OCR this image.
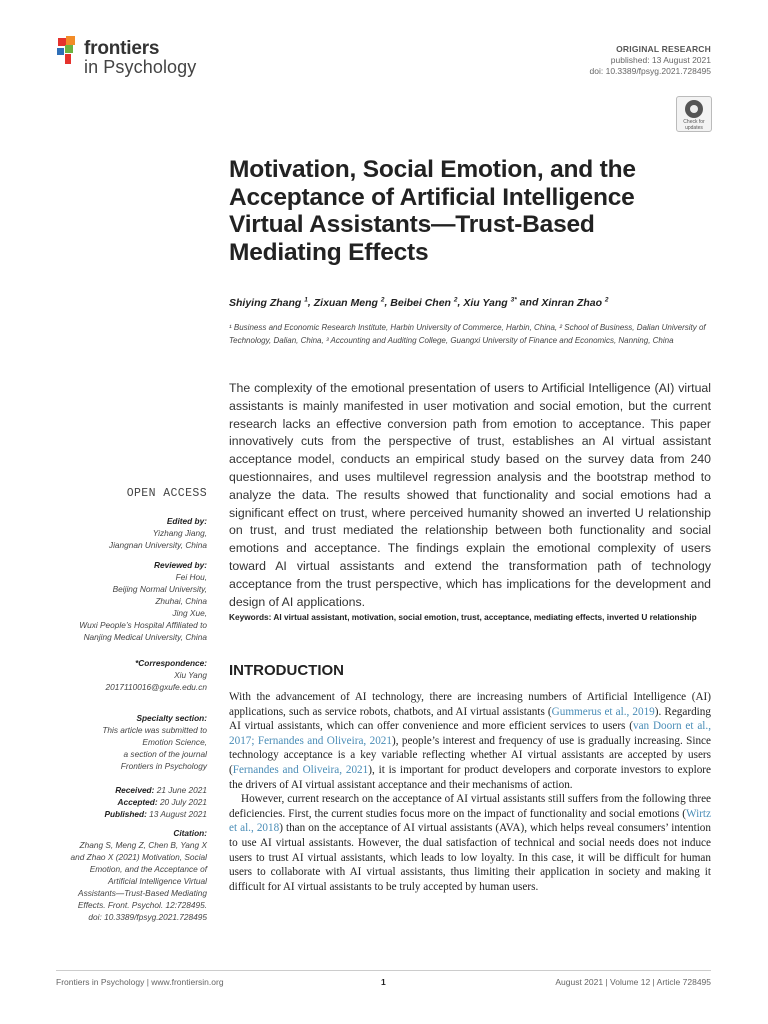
frontiers
in Psychology
ORIGINAL RESEARCH
published: 13 August 2021
doi: 10.3389/fpsyg.2021.728495
Check for updates
Motivation, Social Emotion, and the Acceptance of Artificial Intelligence Virtual Assistants—Trust-Based Mediating Effects
Shiying Zhang $^1$, Zixuan Meng $^2$, Beibei Chen $^2$, Xiu Yang $^{3*}$ and Xinran Zhao $^2$
¹ Business and Economic Research Institute, Harbin University of Commerce, Harbin, China, ² School of Business, Dalian University of Technology, Dalian, China, ³ Accounting and Auditing College, Guangxi University of Finance and Economics, Nanning, China
The complexity of the emotional presentation of users to Artificial Intelligence (AI) virtual assistants is mainly manifested in user motivation and social emotion, but the current research lacks an effective conversion path from emotion to acceptance. This paper innovatively cuts from the perspective of trust, establishes an AI virtual assistant acceptance model, conducts an empirical study based on the survey data from 240 questionnaires, and uses multilevel regression analysis and the bootstrap method to analyze the data. The results showed that functionality and social emotions had a significant effect on trust, where perceived humanity showed an inverted U relationship on trust, and trust mediated the relationship between both functionality and social emotions and acceptance. The findings explain the emotional complexity of users toward AI virtual assistants and extend the transformation path of technology acceptance from the trust perspective, which has implications for the development and design of AI applications.
Keywords: AI virtual assistant, motivation, social emotion, trust, acceptance, mediating effects, inverted U relationship
INTRODUCTION

With the advancement of AI technology, there are increasing numbers of Artificial Intelligence (AI) applications, such as service robots, chatbots, and AI virtual assistants (Gummerus et al., 2019). Regarding AI virtual assistants, which can offer convenience and more efficient services to users (van Doorn et al., 2017; Fernandes and Oliveira, 2021), people’s interest and frequency of use is gradually increasing. Since technology acceptance is a key variable reflecting whether AI virtual assistants are accepted by users (Fernandes and Oliveira, 2021), it is important for product developers and corporate investors to explore the drivers of AI virtual assistant acceptance and their mechanisms of action.

However, current research on the acceptance of AI virtual assistants still suffers from the following three deficiencies. First, the current studies focus more on the impact of functionality and social emotions (Wirtz et al., 2018) than on the acceptance of AI virtual assistants (AVA), which helps reveal consumers’ intention to use AI virtual assistants. However, the dual satisfaction of technical and social needs does not induce users to trust AI virtual assistants, which leads to low loyalty. In this case, it will be difficult for human users to collaborate with AI virtual assistants, thus limiting their application in society and making it difficult for AI virtual assistants to be truly accepted by human users.

OPEN ACCESS
Edited by:
Yizhang Jiang,
Jiangnan University, China
Reviewed by:
Fei Hou,
Beijing Normal University,
Zhuhai, China
Jing Xue,
Wuxi People’s Hospital Affiliated to
Nanjing Medical University, China
*Correspondence:
Xiu Yang
2017110016@gxufe.edu.cn
Specialty section:
This article was submitted to
Emotion Science,
a section of the journal
Frontiers in Psychology
Received: 21 June 2021
Accepted: 20 July 2021
Published: 13 August 2021
Citation:
Zhang S, Meng Z, Chen B, Yang X
and Zhao X (2021) Motivation, Social
Emotion, and the Acceptance of
Artificial Intelligence Virtual
Assistants—Trust-Based Mediating
Effects. Front. Psychol. 12:728495.
doi: 10.3389/fpsyg.2021.728495
Frontiers in Psychology | www.frontiersin.org	1	August 2021 | Volume 12 | Article 728495
